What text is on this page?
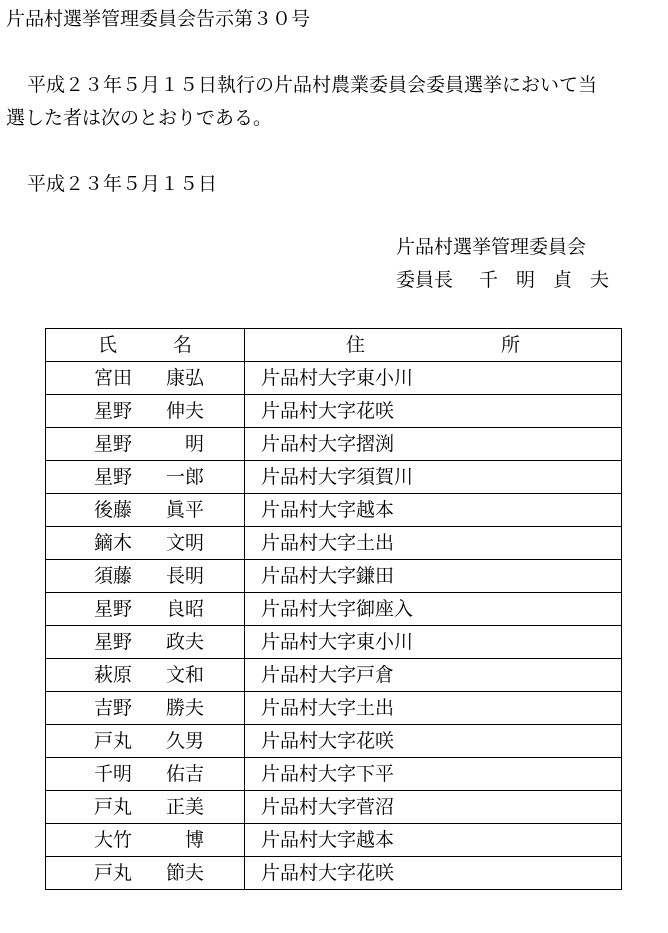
片品村選挙管理委員会告示第３０号

平成２３年５月１５日執行の片品村農業委員会委員選挙において当

選した者は次のとおりである。

平成２３年５月１５日

片品村選挙管理委員会

委員長 千明貞夫

氏名	住所
宮田 康弘	片品村大字東小川
星野 伸夫	片品村大字花咲
星野 明	片品村大字摺渕
星野 一郎	片品村大字須賀川
後藤 眞平	片品村大字越本
鏑木 文明	片品村大字土出
須藤 長明	片品村大字鎌田
星野 良昭	片品村大字御座入
星野 政夫	片品村大字東小川
萩原 文和	片品村大字戸倉
吉野 勝夫	片品村大字土出
戸丸 久男	片品村大字花咲
千明 佑吉	片品村大字下平
戸丸 正美	片品村大字菅沼
大竹 博	片品村大字越本
戸丸 節夫	片品村大字花咲
